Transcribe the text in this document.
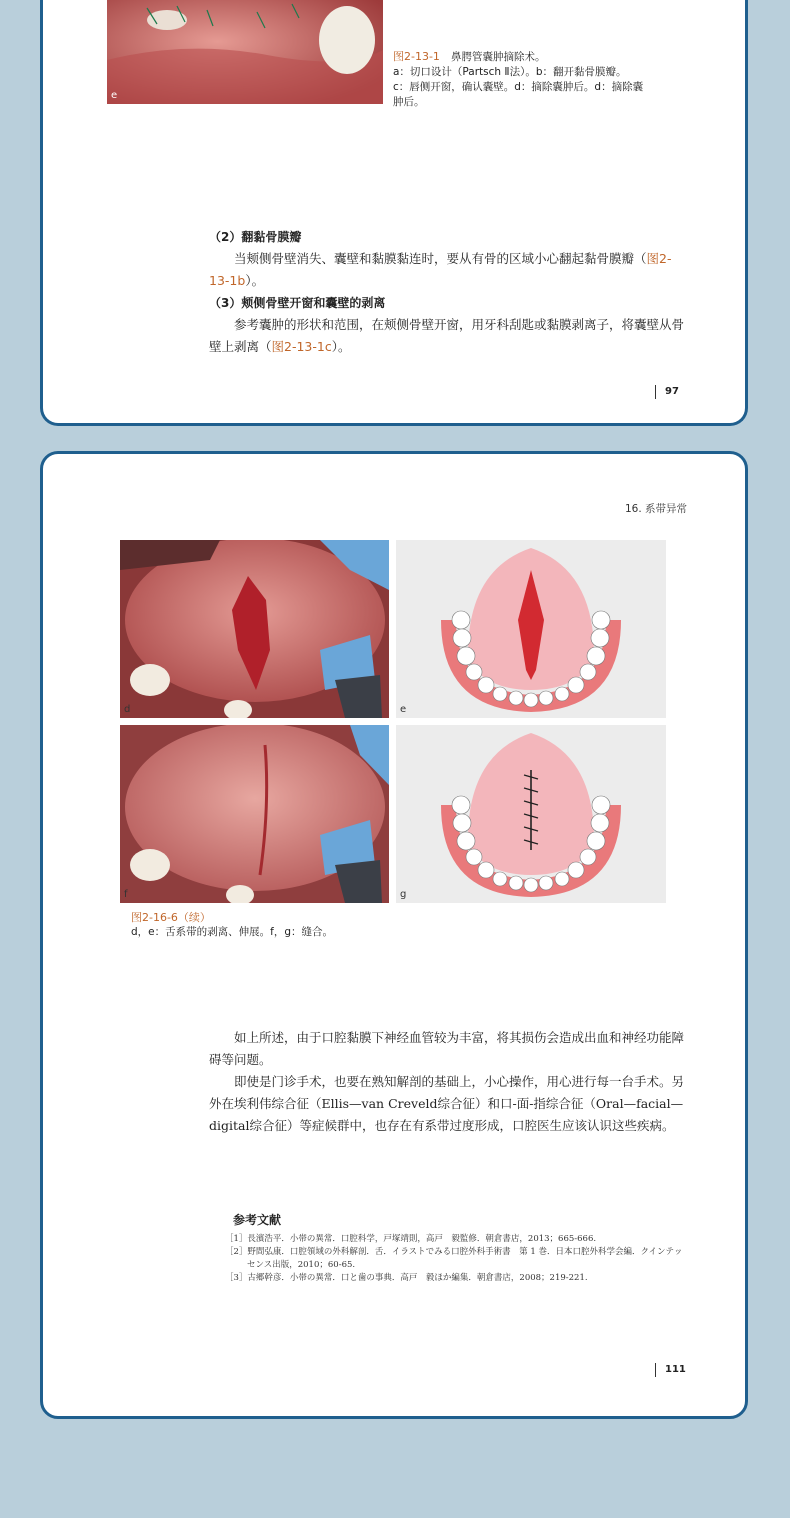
e
图2-13-1 鼻腭管囊肿摘除术。
a：切口设计（Partsch Ⅱ法）。b：翻开黏骨膜瓣。
c：唇侧开窗，确认囊壁。d：摘除囊肿后。d：摘除囊
肿后。
（2）翻黏骨膜瓣
当颊侧骨壁消失、囊壁和黏膜黏连时，要从有骨的区域小心翻起黏骨膜瓣（图2-13-1b）。
（3）颊侧骨壁开窗和囊壁的剥离
参考囊肿的形状和范围，在颊侧骨壁开窗，用牙科刮匙或黏膜剥离子，将囊壁从骨壁上剥离（图2-13-1c）。
97
16. 系带异常
d	e
f	g
图2-16-6（续）
d，e：舌系带的剥离、伸展。f，g：缝合。
如上所述，由于口腔黏膜下神经血管较为丰富，将其损伤会造成出血和神经功能障碍等问题。
即使是门诊手术，也要在熟知解剖的基础上，小心操作，用心进行每一台手术。另外在埃利伟综合征（Ellis—van Creveld综合征）和口-面-指综合征（Oral—facial—digital综合征）等症候群中，也存在有系带过度形成，口腔医生应该认识这些疾病。
参考文献
［1］長濱浩平．小帯の異常．口腔科学，戸塚靖則，高戸　毅監修．朝倉書店，2013；665-666.
［2］野間弘康．口腔領域の外科解剖．舌．イラストでみる口腔外科手術書　第 1 巻．日本口腔外科学会編．クインテッセンス出版，2010；60-65.
［3］古郷幹彦．小帯の異常．口と歯の事典．高戸　毅ほか編集．朝倉書店，2008；219-221.
111
